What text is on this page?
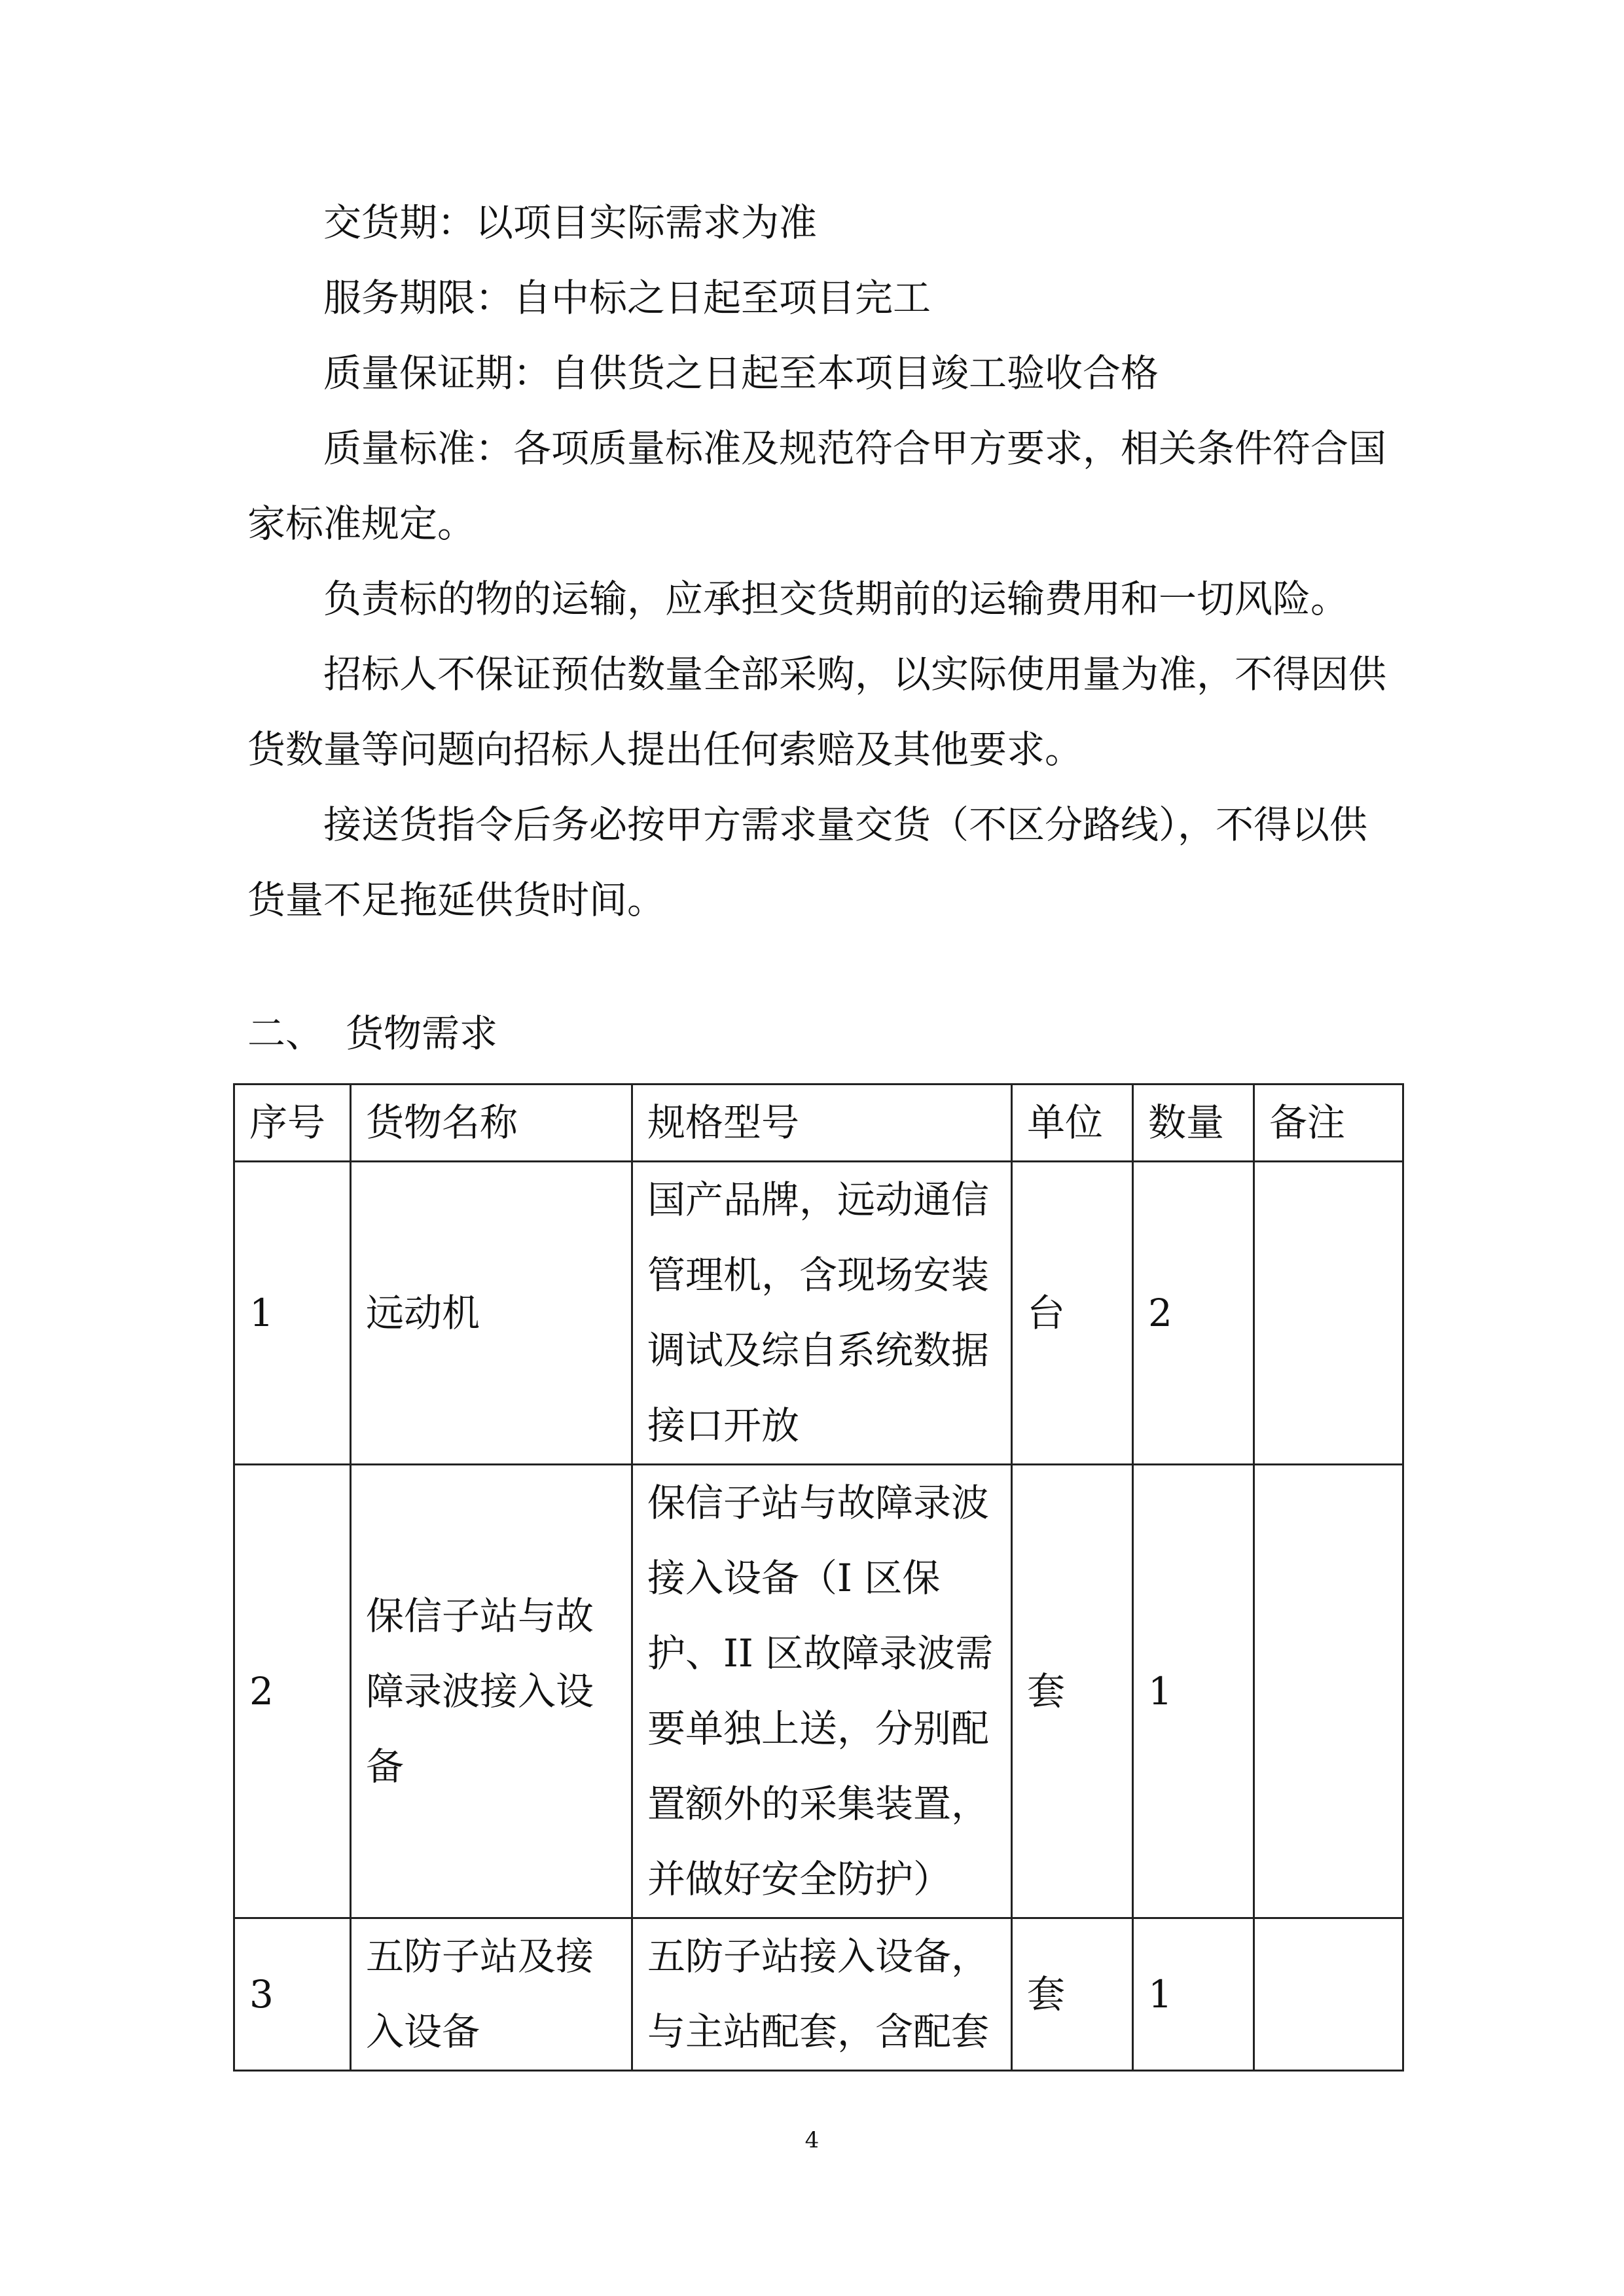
交货期：以项目实际需求为准

服务期限：自中标之日起至项目完工

质量保证期：自供货之日起至本项目竣工验收合格

质量标准：各项质量标准及规范符合甲方要求，相关条件符合国家标准规定。

负责标的物的运输，应承担交货期前的运输费用和一切风险。

招标人不保证预估数量全部采购，以实际使用量为准，不得因供货数量等问题向招标人提出任何索赔及其他要求。

接送货指令后务必按甲方需求量交货（不区分路线），不得以供货量不足拖延供货时间。

二、 货物需求

序号	货物名称	规格型号	单位	数量	备注
1	远动机	国产品牌，远动通信管理机，含现场安装调试及综自系统数据接口开放	台	2	
2	保信子站与故障录波接入设备	保信子站与故障录波接入设备（I 区保护、II 区故障录波需要单独上送，分别配置额外的采集装置，并做好安全防护）	套	1	
3	五防子站及接入设备	五防子站接入设备，与主站配套，含配套	套	1	
4
